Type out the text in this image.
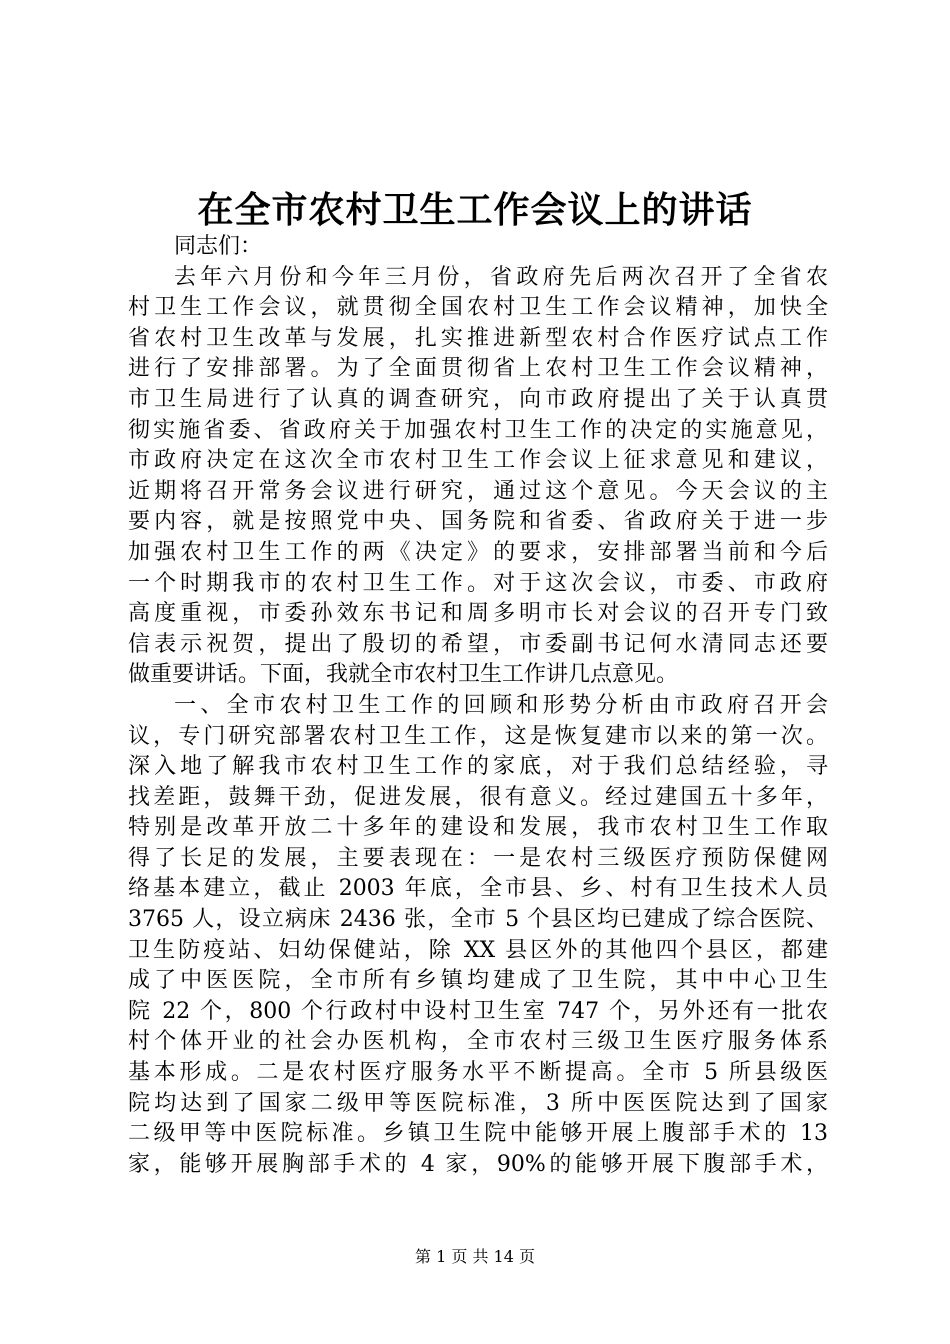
在全市农村卫生工作会议上的讲话
同志们：
去年六月份和今年三月份，省政府先后两次召开了全省农
村卫生工作会议，就贯彻全国农村卫生工作会议精神，加快全
省农村卫生改革与发展，扎实推进新型农村合作医疗试点工作
进行了安排部署。为了全面贯彻省上农村卫生工作会议精神，
市卫生局进行了认真的调查研究，向市政府提出了关于认真贯
彻实施省委、省政府关于加强农村卫生工作的决定的实施意见，
市政府决定在这次全市农村卫生工作会议上征求意见和建议，
近期将召开常务会议进行研究，通过这个意见。今天会议的主
要内容，就是按照党中央、国务院和省委、省政府关于进一步
加强农村卫生工作的两《决定》的要求，安排部署当前和今后
一个时期我市的农村卫生工作。对于这次会议，市委、市政府
高度重视，市委孙效东书记和周多明市长对会议的召开专门致
信表示祝贺，提出了殷切的希望，市委副书记何水清同志还要
做重要讲话。下面，我就全市农村卫生工作讲几点意见。
一、全市农村卫生工作的回顾和形势分析由市政府召开会
议，专门研究部署农村卫生工作，这是恢复建市以来的第一次。
深入地了解我市农村卫生工作的家底，对于我们总结经验，寻
找差距，鼓舞干劲，促进发展，很有意义。经过建国五十多年，
特别是改革开放二十多年的建设和发展，我市农村卫生工作取
得了长足的发展，主要表现在：一是农村三级医疗预防保健网
络基本建立，截止 2003 年底，全市县、乡、村有卫生技术人员
3765 人，设立病床 2436 张，全市 5 个县区均已建成了综合医院、
卫生防疫站、妇幼保健站，除 XX 县区外的其他四个县区，都建
成了中医医院，全市所有乡镇均建成了卫生院，其中中心卫生
院 22 个，800 个行政村中设村卫生室 747 个，另外还有一批农
村个体开业的社会办医机构，全市农村三级卫生医疗服务体系
基本形成。二是农村医疗服务水平不断提高。全市 5 所县级医
院均达到了国家二级甲等医院标准，3 所中医医院达到了国家
二级甲等中医院标准。乡镇卫生院中能够开展上腹部手术的 13
家，能够开展胸部手术的 4 家，90%的能够开展下腹部手术，
第 1 页 共 14 页
